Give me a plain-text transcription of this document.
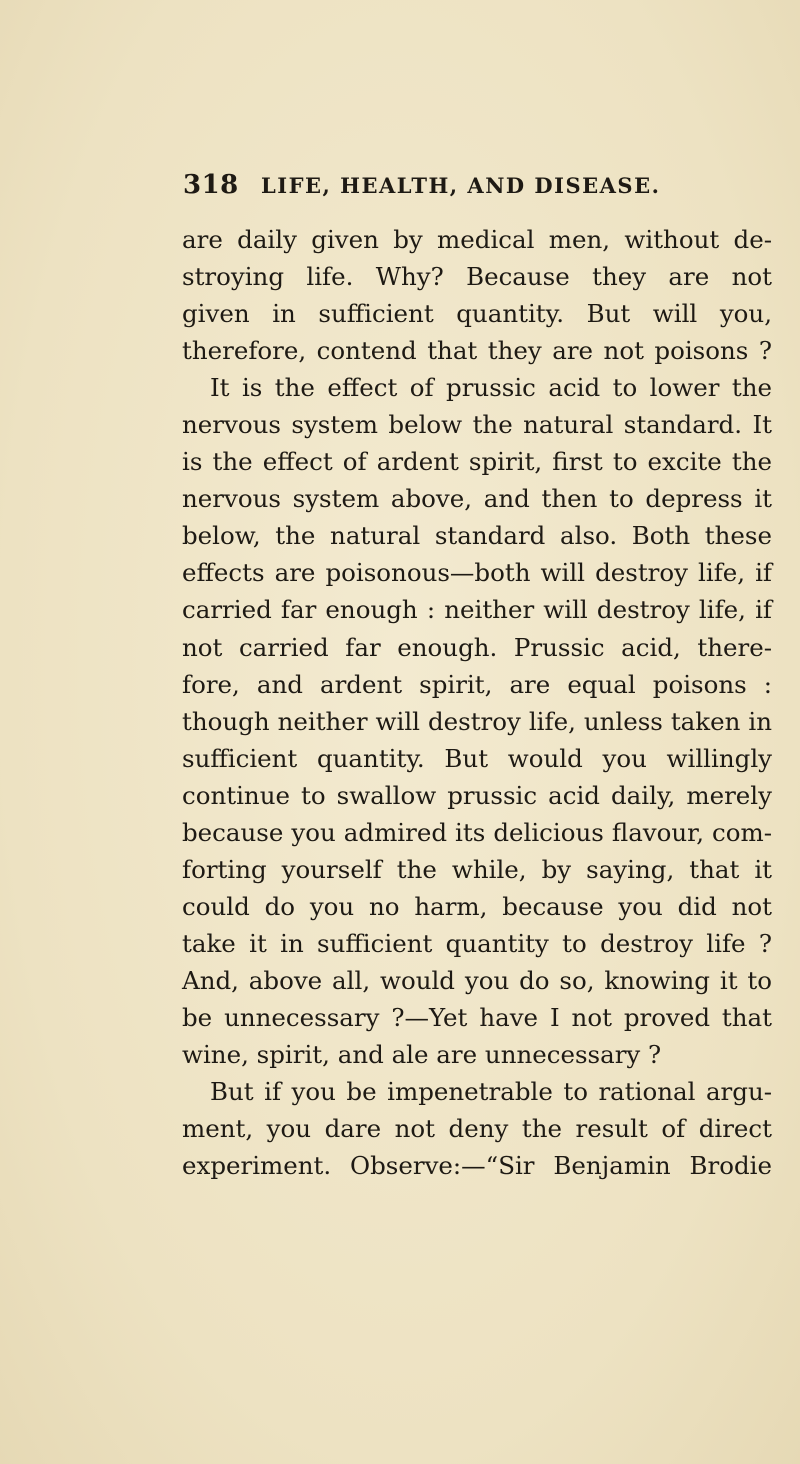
318 LIFE, HEALTH, AND DISEASE.
are daily given by medical men, without de-
stroying life. Why? Because they are not
given in sufficient quantity. But will you,
therefore, contend that they are not poisons ?
It is the effect of prussic acid to lower the
nervous system below the natural standard. It
is the effect of ardent spirit, first to excite the
nervous system above, and then to depress it
below, the natural standard also. Both these
effects are poisonous—both will destroy life, if
carried far enough : neither will destroy life, if
not carried far enough. Prussic acid, there-
fore, and ardent spirit, are equal poisons :
though neither will destroy life, unless taken in
sufficient quantity. But would you willingly
continue to swallow prussic acid daily, merely
because you admired its delicious flavour, com-
forting yourself the while, by saying, that it
could do you no harm, because you did not
take it in sufficient quantity to destroy life ?
And, above all, would you do so, knowing it to
be unnecessary ?—Yet have I not proved that
wine, spirit, and ale are unnecessary ?
But if you be impenetrable to rational argu-
ment, you dare not deny the result of direct
experiment. Observe:—“Sir Benjamin Brodie
